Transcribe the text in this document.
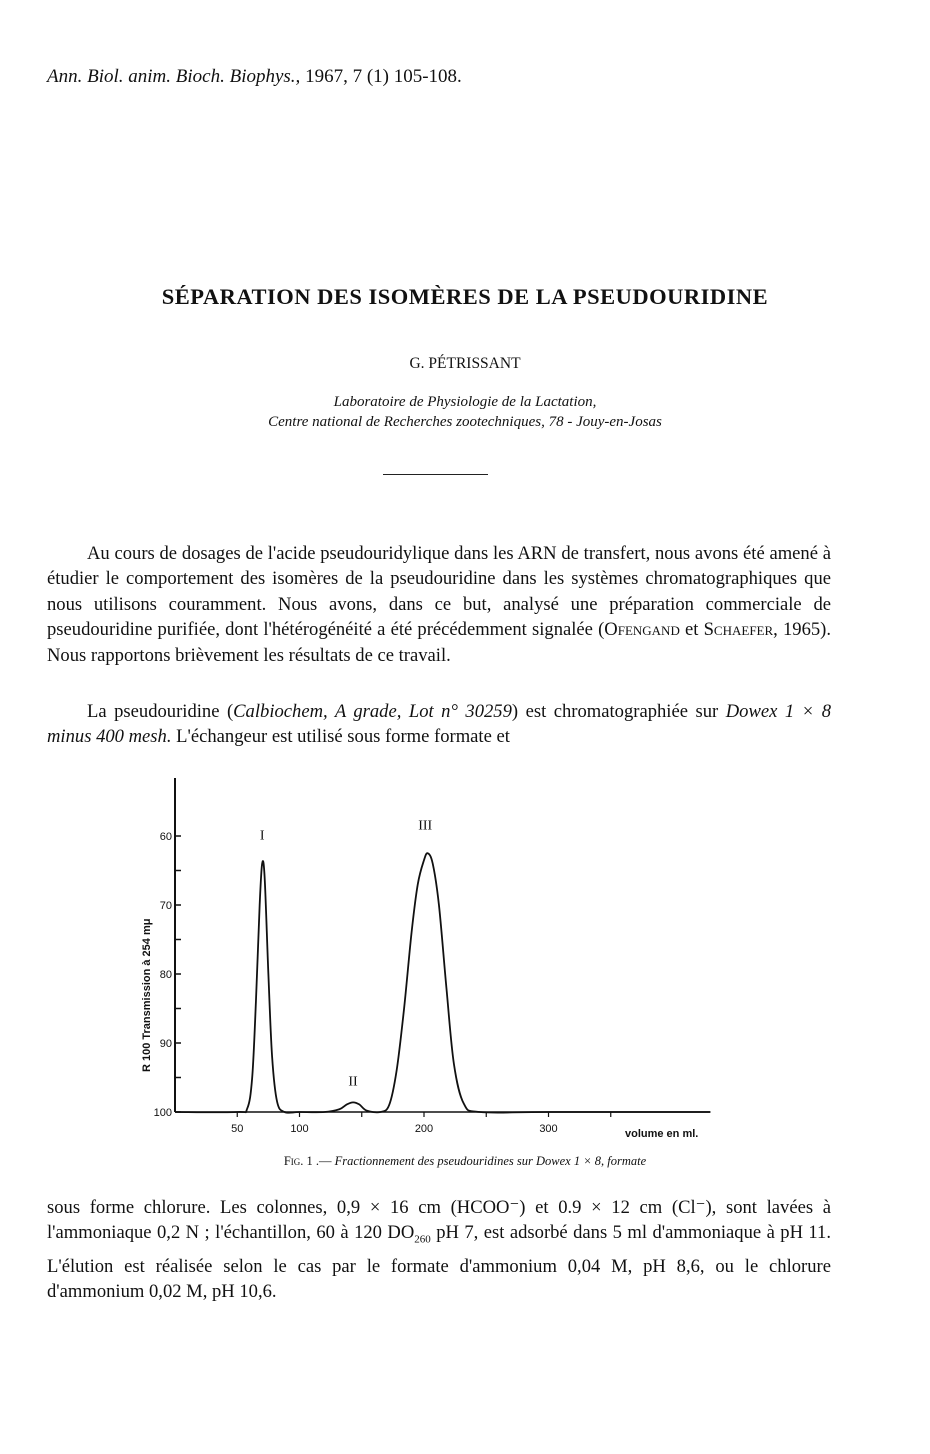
Ann. Biol. anim. Bioch. Biophys., 1967, 7 (1) 105-108.
SÉPARATION DES ISOMÈRES DE LA PSEUDOURIDINE
G. PÉTRISSANT
Laboratoire de Physiologie de la Lactation,
Centre national de Recherches zootechniques, 78 - Jouy-en-Josas
Au cours de dosages de l'acide pseudouridylique dans les ARN de transfert, nous avons été amené à étudier le comportement des isomères de la pseudouridine dans les systèmes chromatographiques que nous utilisons couramment. Nous avons, dans ce but, analysé une préparation commerciale de pseudouridine purifiée, dont l'hétérogénéité a été précédemment signalée (Ofengand et Schaefer, 1965). Nous rapportons brièvement les résultats de ce travail.
La pseudouridine (Calbiochem, A grade, Lot n° 30259) est chromatographiée sur Dowex 1 × 8 minus 400 mesh. L'échangeur est utilisé sous forme formate et
60
70
80
90
100
50	100	200	300	volume en ml.
R 100 Transmission à 254 mμ
I
II
III
Fig. 1 .— Fractionnement des pseudouridines sur Dowex 1 × 8, formate
sous forme chlorure. Les colonnes, 0,9 × 16 cm (HCOO⁻) et 0.9 × 12 cm (Cl⁻), sont lavées à l'ammoniaque 0,2 N ; l'échantillon, 60 à 120 $DO_{260}$ pH 7, est adsorbé dans 5 ml d'ammoniaque à pH 11. L'élution est réalisée selon le cas par le formate d'ammonium 0,04 M, pH 8,6, ou le chlorure d'ammonium 0,02 M, pH 10,6.
